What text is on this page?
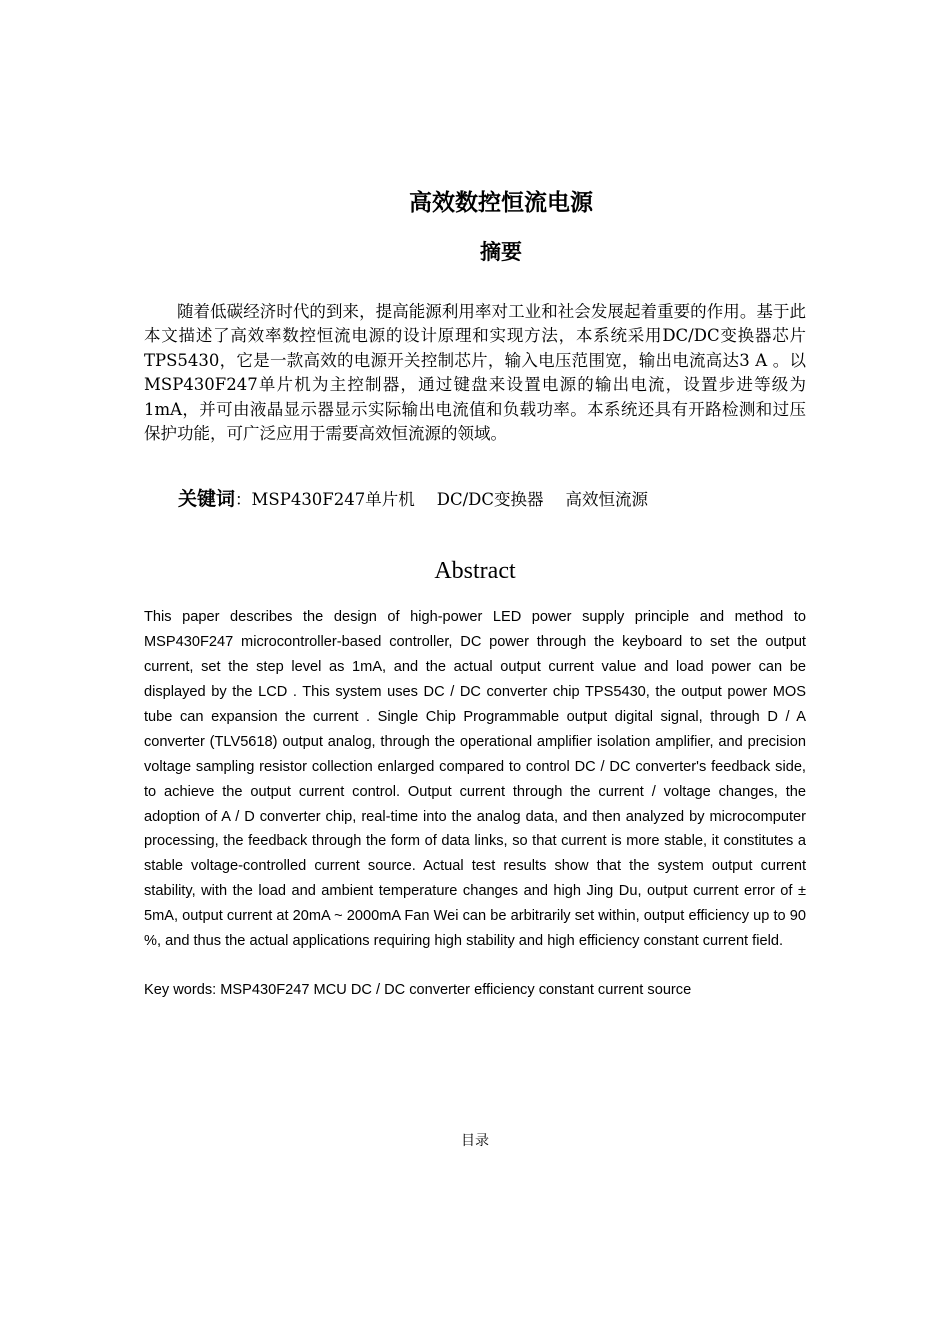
高效数控恒流电源
摘要

随着低碳经济时代的到来，提高能源利用率对工业和社会发展起着重要的作用。基于此本文描述了高效率数控恒流电源的设计原理和实现方法，本系统采用DC/DC变换器芯片TPS5430，它是一款高效的电源开关控制芯片，输入电压范围宽，输出电流高达3 A 。以MSP430F247单片机为主控制器，通过键盘来设置电源的输出电流，设置步进等级为1mA，并可由液晶显示器显示实际输出电流值和负载功率。本系统还具有开路检测和过压保护功能，可广泛应用于需要高效恒流源的领域。

关键词：MSP430F247单片机 DC/DC变换器 高效恒流源
Abstract

This paper describes the design of high-power LED power supply principle and method to MSP430F247 microcontroller-based controller, DC power through the keyboard to set the output current, set the step level as 1mA, and the actual output current value and load power can be displayed by the LCD . This system uses DC / DC converter chip TPS5430, the output power MOS tube can expansion the current . Single Chip Programmable output digital signal, through D / A converter (TLV5618) output analog, through the operational amplifier isolation amplifier, and precision voltage sampling resistor collection enlarged compared to control DC / DC converter's feedback side, to achieve the output current control. Output current through the current / voltage changes, the adoption of A / D converter chip, real-time into the analog data, and then analyzed by microcomputer processing, the feedback through the form of data links, so that current is more stable, it constitutes a stable voltage-controlled current source. Actual test results show that the system output current stability, with the load and ambient temperature changes and high Jing Du, output current error of ± 5mA, output current at 20mA ~ 2000mA Fan Wei can be arbitrarily set within, output efficiency up to 90 %, and thus the actual applications requiring high stability and high efficiency constant current field.

Key words: MSP430F247 MCU DC / DC converter efficiency constant current source
目录
